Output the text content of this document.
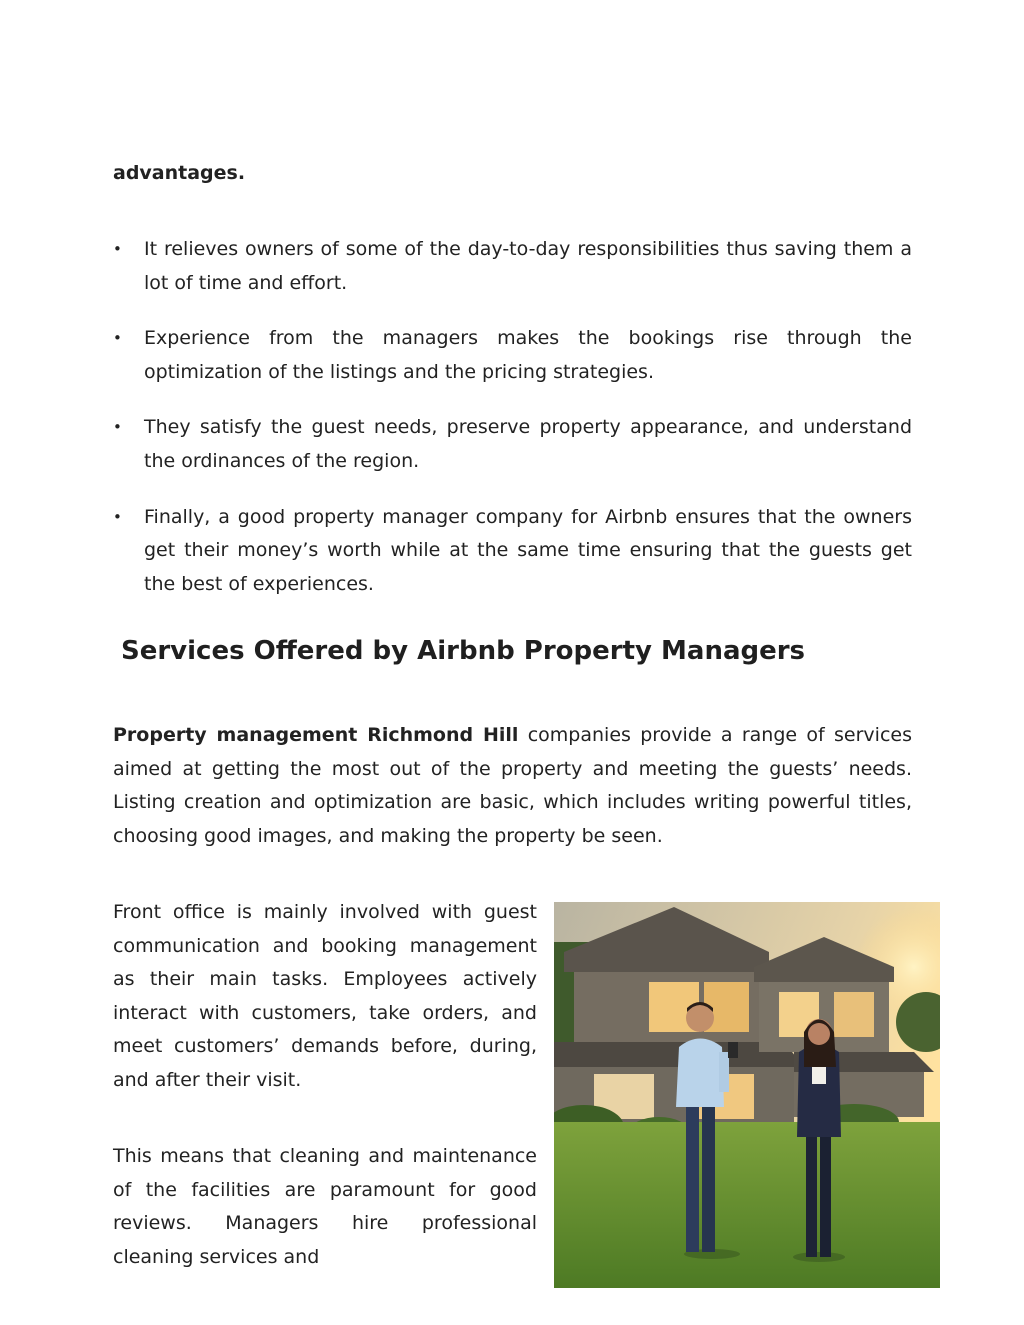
advantages.
• It relieves owners of some of the day-to-day responsibilities thus saving them a lot of time and effort.
• Experience from the managers makes the bookings rise through the optimization of the listings and the pricing strategies.
• They satisfy the guest needs, preserve property appearance, and understand the ordinances of the region.
• Finally, a good property manager company for Airbnb ensures that the owners get their money’s worth while at the same time ensuring that the guests get the best of experiences.
Services Offered by Airbnb Property Managers

Property management Richmond Hill companies provide a range of services aimed at getting the most out of the property and meeting the guests’ needs. Listing creation and optimization are basic, which includes writing powerful titles, choosing good images, and making the property be seen.

Front office is mainly involved with guest communication and booking management as their main tasks. Employees actively interact with customers, take orders, and meet customers’ demands before, during, and after their visit.

This means that cleaning and maintenance of the facilities are paramount for good reviews. Managers hire professional cleaning services and
